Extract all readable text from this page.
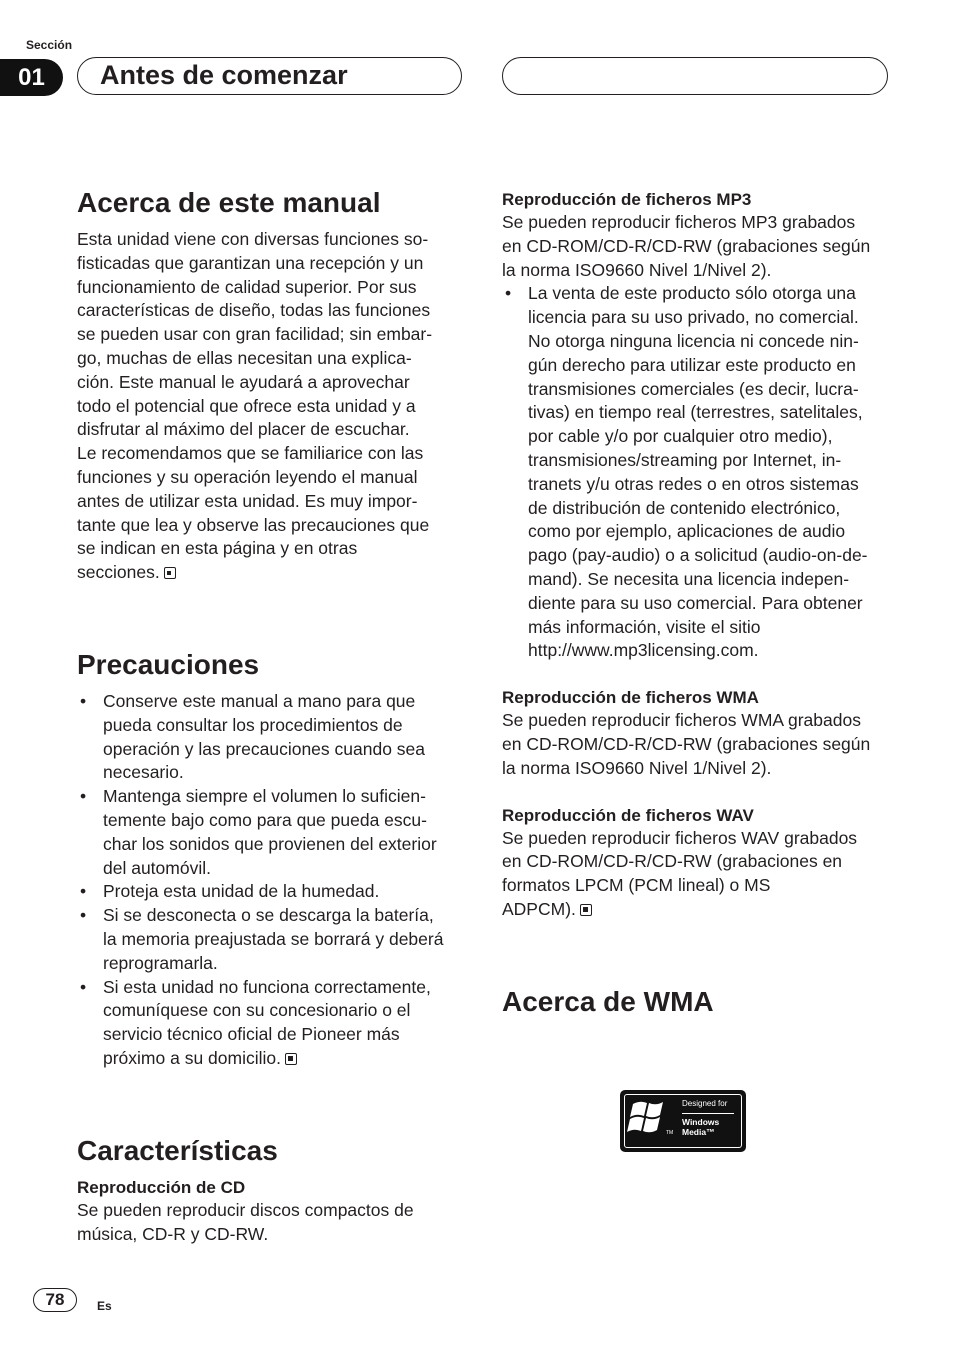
Sección
01	Antes de comenzar
Acerca de este manual

Esta unidad viene con diversas funciones so-
fisticadas que garantizan una recepción y un
funcionamiento de calidad superior. Por sus
características de diseño, todas las funciones
se pueden usar con gran facilidad; sin embar-
go, muchas de ellas necesitan una explica-
ción. Este manual le ayudará a aprovechar
todo el potencial que ofrece esta unidad y a
disfrutar al máximo del placer de escuchar.
Le recomendamos que se familiarice con las
funciones y su operación leyendo el manual
antes de utilizar esta unidad. Es muy impor-
tante que lea y observe las precauciones que
se indican en esta página y en otras
secciones.

Precauciones
• Conserve este manual a mano para que
pueda consultar los procedimientos de
operación y las precauciones cuando sea
necesario.
• Mantenga siempre el volumen lo suficien-
temente bajo como para que pueda escu-
char los sonidos que provienen del exterior
del automóvil.
• Proteja esta unidad de la humedad.
• Si se desconecta o se descarga la batería,
la memoria preajustada se borrará y deberá
reprogramarla.
• Si esta unidad no funciona correctamente,
comuníquese con su concesionario o el
servicio técnico oficial de Pioneer más
próximo a su domicilio.
Características
Reproducción de CD

Se pueden reproducir discos compactos de
música, CD-R y CD-RW.

Reproducción de ficheros MP3

Se pueden reproducir ficheros MP3 grabados
en CD-ROM/CD-R/CD-RW (grabaciones según
la norma ISO9660 Nivel 1/Nivel 2).

• La venta de este producto sólo otorga una
licencia para su uso privado, no comercial.
No otorga ninguna licencia ni concede nin-
gún derecho para utilizar este producto en
transmisiones comerciales (es decir, lucra-
tivas) en tiempo real (terrestres, satelitales,
por cable y/o por cualquier otro medio),
transmisiones/streaming por Internet, in-
tranets y/u otras redes o en otros sistemas
de distribución de contenido electrónico,
como por ejemplo, aplicaciones de audio
pago (pay-audio) o a solicitud (audio-on-de-
mand). Se necesita una licencia indepen-
diente para su uso comercial. Para obtener
más información, visite el sitio
http://www.mp3licensing.com.
Reproducción de ficheros WMA

Se pueden reproducir ficheros WMA grabados
en CD-ROM/CD-R/CD-RW (grabaciones según
la norma ISO9660 Nivel 1/Nivel 2).

Reproducción de ficheros WAV

Se pueden reproducir ficheros WAV grabados
en CD-ROM/CD-R/CD-RW (grabaciones en
formatos LPCM (PCM lineal) o MS
ADPCM).

Acerca de WMA
TM
Designed for
Windows
Media™
78	Es
